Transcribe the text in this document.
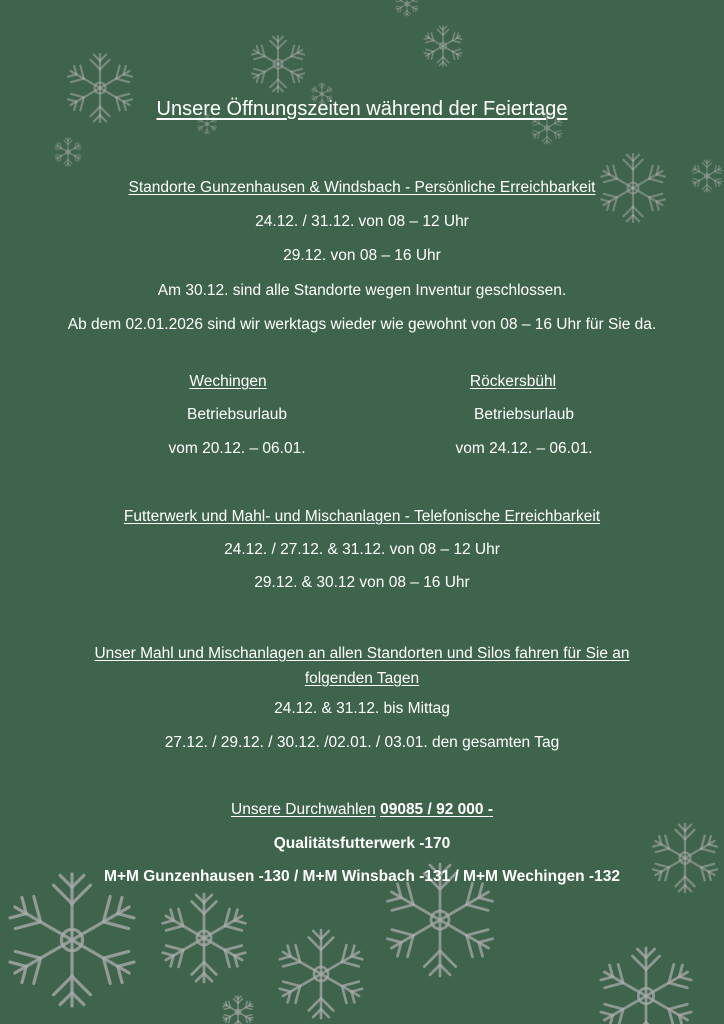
Unsere Öffnungszeiten während der Feiertage
Standorte Gunzenhausen & Windsbach - Persönliche Erreichbarkeit
24.12. / 31.12. von 08 – 12 Uhr
29.12. von 08 – 16 Uhr
Am 30.12. sind alle Standorte wegen Inventur geschlossen.
Ab dem 02.01.2026 sind wir werktags wieder wie gewohnt von 08 – 16 Uhr für Sie da.
Wechingen
Betriebsurlaub
vom 20.12. – 06.01.
Röckersbühl
Betriebsurlaub
vom 24.12. – 06.01.
Futterwerk und Mahl- und Mischanlagen - Telefonische Erreichbarkeit
24.12. / 27.12. & 31.12. von 08 – 12 Uhr
29.12. & 30.12 von 08 – 16 Uhr
Unser Mahl und Mischanlagen an allen Standorten und Silos fahren für Sie an folgenden Tagen
24.12. & 31.12. bis Mittag
27.12. / 29.12. / 30.12. /02.01. / 03.01. den gesamten Tag
Unsere Durchwahlen 09085 / 92 000 -
Qualitätsfutterwerk -170
M+M Gunzenhausen -130 / M+M Winsbach -131 / M+M Wechingen -132
